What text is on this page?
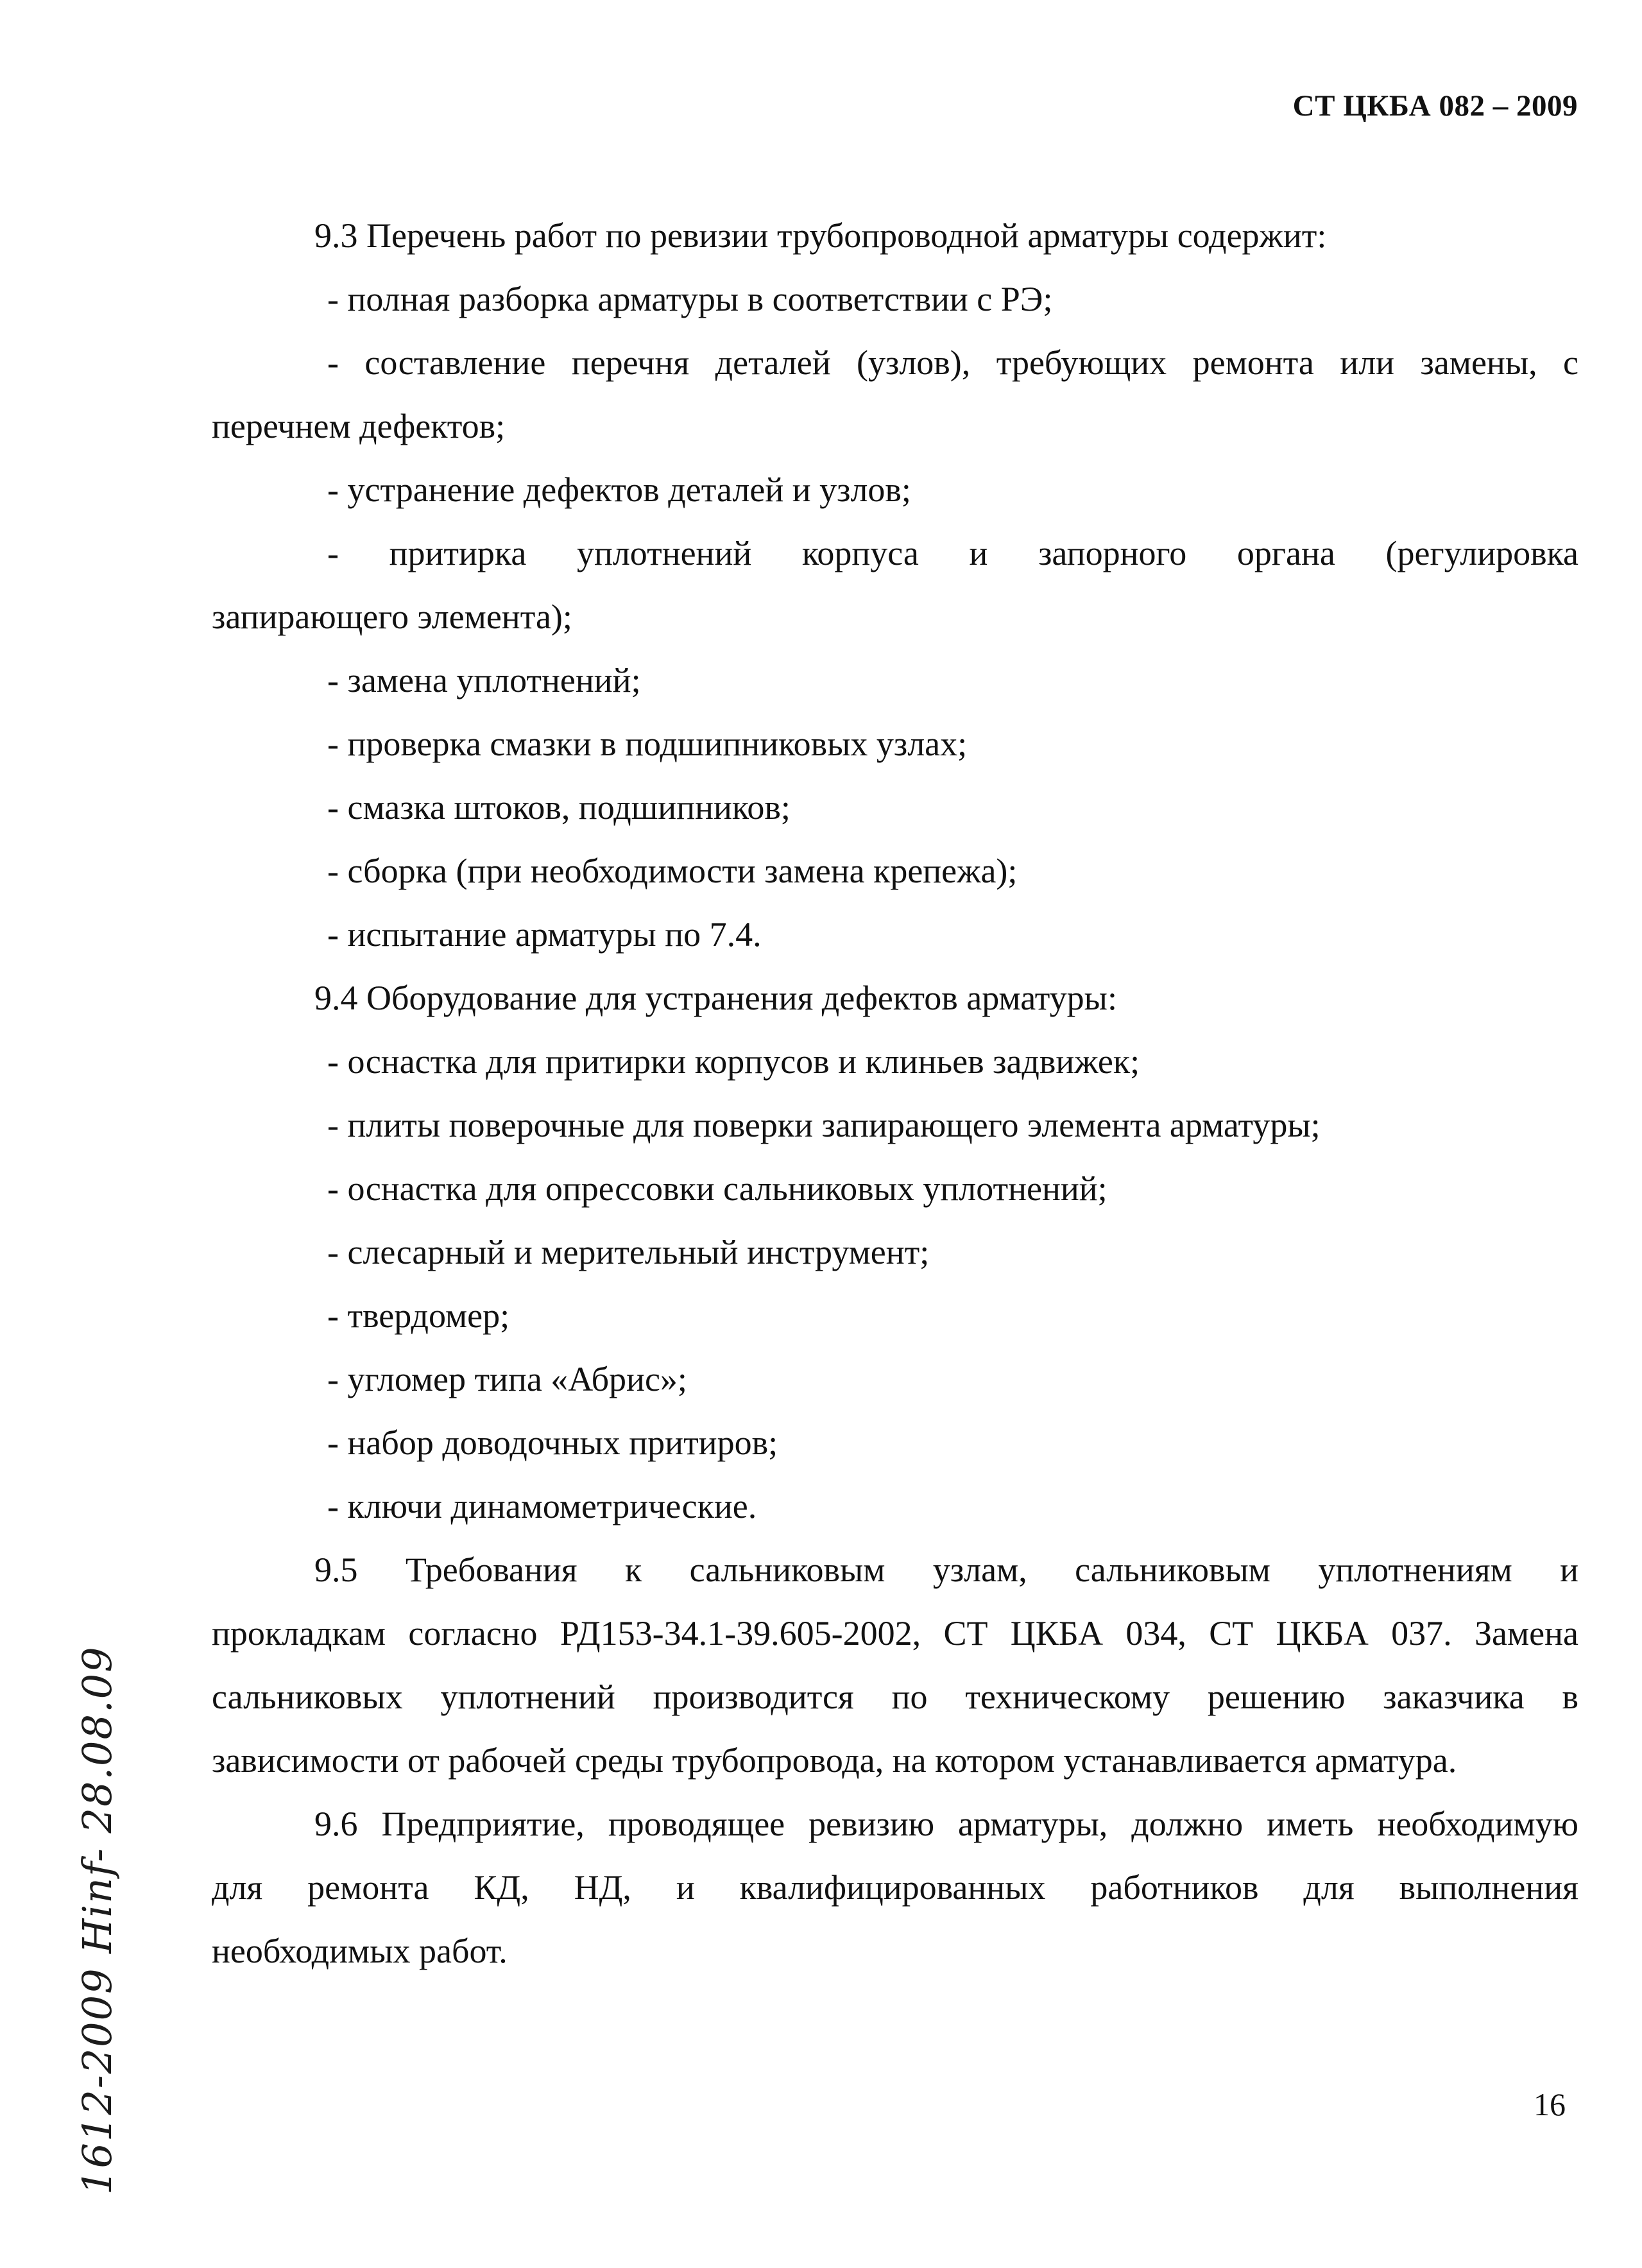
СТ ЦКБА 082 – 2009

9.3 Перечень работ по ревизии трубопроводной арматуры содержит:

- полная разборка арматуры в соответствии с РЭ;

- составление перечня деталей (узлов), требующих ремонта или замены, с

перечнем дефектов;

- устранение дефектов деталей и узлов;

- притирка уплотнений корпуса и запорного органа (регулировка

запирающего элемента);

- замена уплотнений;

- проверка смазки в подшипниковых узлах;

- смазка штоков, подшипников;

- сборка (при необходимости замена крепежа);

- испытание арматуры по 7.4.

9.4 Оборудование для устранения дефектов арматуры:

- оснастка для притирки корпусов и клиньев задвижек;

- плиты поверочные для поверки запирающего элемента арматуры;

- оснастка для опрессовки сальниковых уплотнений;

- слесарный и мерительный инструмент;

- твердомер;

- угломер типа «Абрис»;

- набор доводочных притиров;

- ключи динамометрические.

9.5 Требования к сальниковым узлам, сальниковым уплотнениям и

прокладкам согласно РД153-34.1-39.605-2002, СТ ЦКБА 034, СТ ЦКБА 037. Замена

сальниковых уплотнений производится по техническому решению заказчика в

зависимости от рабочей среды трубопровода, на котором устанавливается арматура.

9.6 Предприятие, проводящее ревизию арматуры, должно иметь необходимую

для ремонта КД, НД, и квалифицированных работников для выполнения

необходимых работ.

16
1612-2009 Hinf- 28.08.09
